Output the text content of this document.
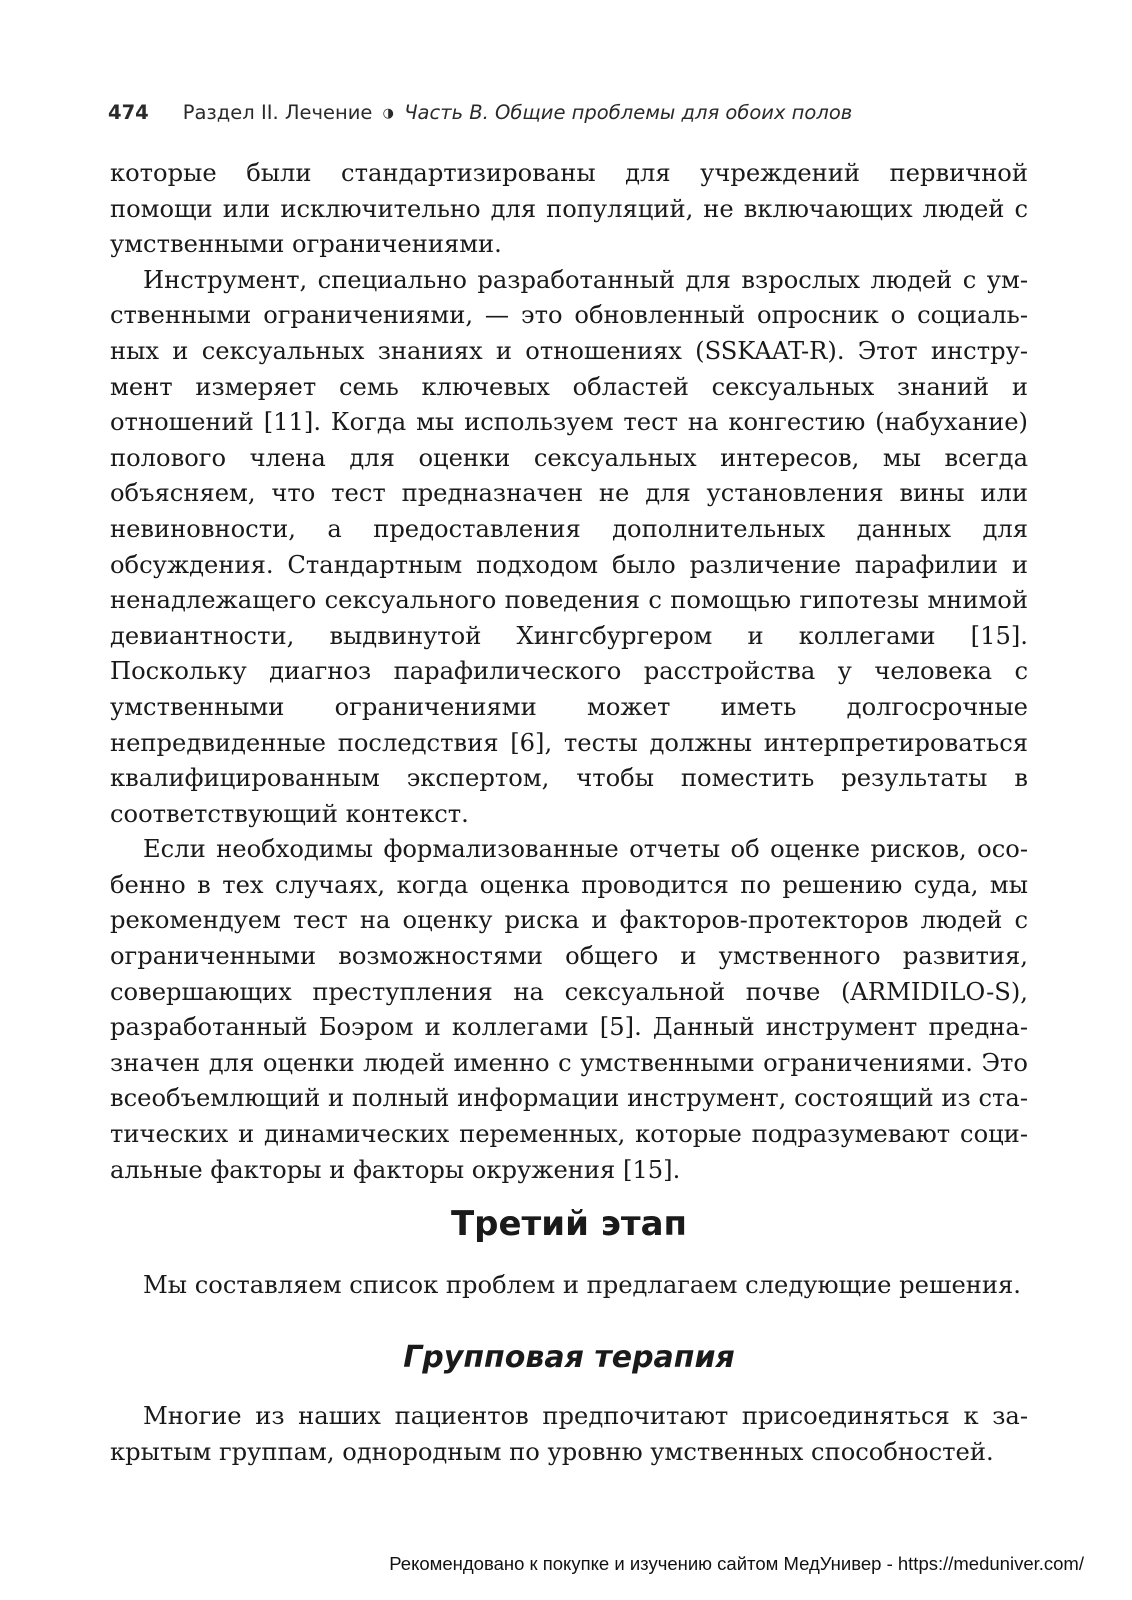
474 Раздел II. Лечение ◑ Часть В. Общие проблемы для обоих полов

которые были стандартизированы для учреждений первичной помощи или исключительно для популяций, не включающих людей с умственными ограничениями.

Инструмент, специально разработанный для взрослых людей с умственными ограничениями, — это обновленный опросник о социальных и сексуальных знаниях и отношениях (SSKAAT-R). Этот инструмент измеряет семь ключевых областей сексуальных знаний и отношений [11]. Когда мы используем тест на конгестию (набухание) полового члена для оценки сексуальных интересов, мы всегда объясняем, что тест предназначен не для установления вины или невиновности, а предоставления дополнительных данных для обсуждения. Стандартным подходом было различение парафилии и ненадлежащего сексуального поведения с помощью гипотезы мнимой девиантности, выдвинутой Хингсбургером и коллегами [15]. Поскольку диагноз парафилического расстройства у человека с умственными ограничениями может иметь долгосрочные непредвиденные последствия [6], тесты должны интерпретироваться квалифицированным экспертом, чтобы поместить результаты в соответствующий контекст.

Если необходимы формализованные отчеты об оценке рисков, особенно в тех случаях, когда оценка проводится по решению суда, мы рекомендуем тест на оценку риска и факторов-протекторов людей с ограниченными возможностями общего и умственного развития, совершающих преступления на сексуальной почве (ARMIDILO-S), разработанный Боэром и коллегами [5]. Данный инструмент предназначен для оценки людей именно с умственными ограничениями. Это всеобъемлющий и полный информации инструмент, состоящий из статических и динамических переменных, которые подразумевают социальные факторы и факторы окружения [15].

Третий этап

Мы составляем список проблем и предлагаем следующие решения.

Групповая терапия

Многие из наших пациентов предпочитают присоединяться к закрытым группам, однородным по уровню умственных способностей.

Рекомендовано к покупке и изучению сайтом МедУнивер - https://meduniver.com/
